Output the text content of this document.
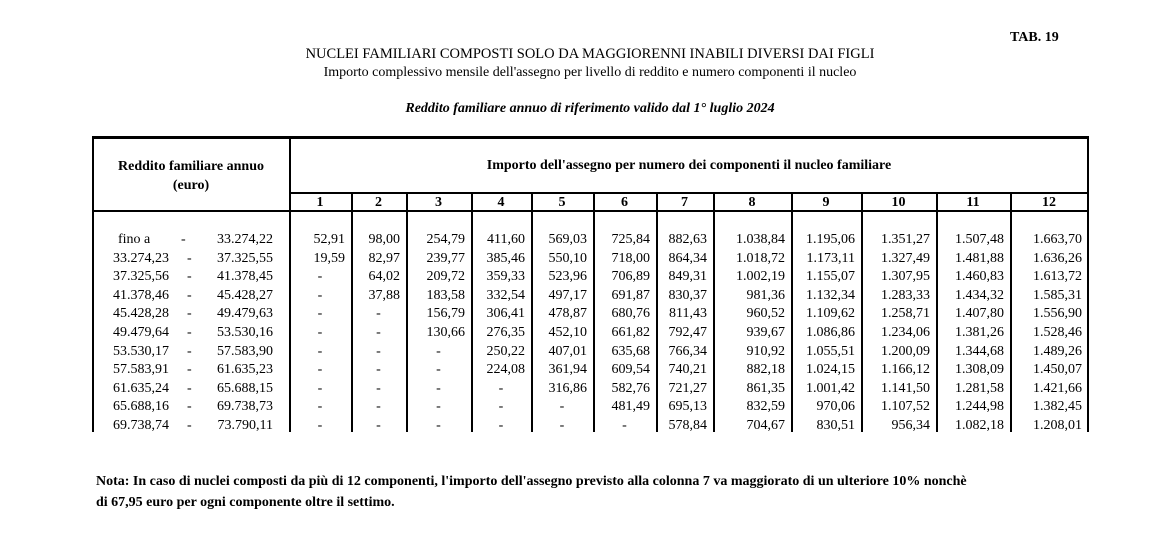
TAB. 19
NUCLEI FAMILIARI COMPOSTI SOLO DA MAGGIORENNI INABILI DIVERSI DAI FIGLI
Importo complessivo mensile dell'assegno per livello di reddito e numero componenti il nucleo
Reddito familiare annuo di riferimento valido dal 1° luglio 2024
Reddito familiare annuo
(euro)
Importo dell'assegno per numero dei componenti il nucleo familiare
1	2	3	4	5	6	7	8	9	10	11	12
fino a -	33.274,22	52,91	98,00	254,79	411,60	569,03	725,84	882,63	1.038,84	1.195,06	1.351,27	1.507,48	1.663,70
33.274,23 -	37.325,55	19,59	82,97	239,77	385,46	550,10	718,00	864,34	1.018,72	1.173,11	1.327,49	1.481,88	1.636,26
37.325,56 -	41.378,45	-	64,02	209,72	359,33	523,96	706,89	849,31	1.002,19	1.155,07	1.307,95	1.460,83	1.613,72
41.378,46 -	45.428,27	-	37,88	183,58	332,54	497,17	691,87	830,37	981,36	1.132,34	1.283,33	1.434,32	1.585,31
45.428,28 -	49.479,63	-	-	156,79	306,41	478,87	680,76	811,43	960,52	1.109,62	1.258,71	1.407,80	1.556,90
49.479,64 -	53.530,16	-	-	130,66	276,35	452,10	661,82	792,47	939,67	1.086,86	1.234,06	1.381,26	1.528,46
53.530,17 -	57.583,90	-	-	-	250,22	407,01	635,68	766,34	910,92	1.055,51	1.200,09	1.344,68	1.489,26
57.583,91 -	61.635,23	-	-	-	224,08	361,94	609,54	740,21	882,18	1.024,15	1.166,12	1.308,09	1.450,07
61.635,24 -	65.688,15	-	-	-	-	316,86	582,76	721,27	861,35	1.001,42	1.141,50	1.281,58	1.421,66
65.688,16 -	69.738,73	-	-	-	-	-	481,49	695,13	832,59	970,06	1.107,52	1.244,98	1.382,45
69.738,74 -	73.790,11	-	-	-	-	-	-	578,84	704,67	830,51	956,34	1.082,18	1.208,01
Nota: In caso di nuclei composti da più di 12 componenti, l'importo dell'assegno previsto alla colonna 7 va maggiorato di un ulteriore 10% nonchè
di 67,95 euro per ogni componente oltre il settimo.
